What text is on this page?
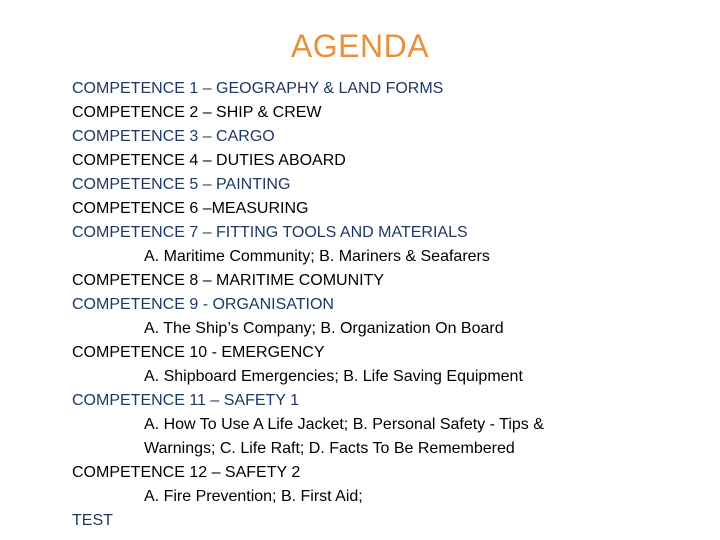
AGENDA
COMPETENCE 1 – GEOGRAPHY & LAND FORMS
COMPETENCE 2 – SHIP & CREW
COMPETENCE 3 – CARGO
COMPETENCE 4 – DUTIES ABOARD
COMPETENCE 5 – PAINTING
COMPETENCE 6 –MEASURING
COMPETENCE 7 – FITTING TOOLS AND MATERIALS
A. Maritime Community; B. Mariners & Seafarers
COMPETENCE 8 – MARITIME COMUNITY
COMPETENCE 9 - ORGANISATION
A. The Ship’s Company; B. Organization On Board
COMPETENCE 10 - EMERGENCY
A. Shipboard Emergencies; B. Life Saving Equipment
COMPETENCE 11 – SAFETY 1
A. How To Use A Life Jacket; B. Personal Safety - Tips &
Warnings; C. Life Raft; D. Facts To Be Remembered
COMPETENCE 12 – SAFETY 2
A. Fire Prevention; B. First Aid;
TEST
